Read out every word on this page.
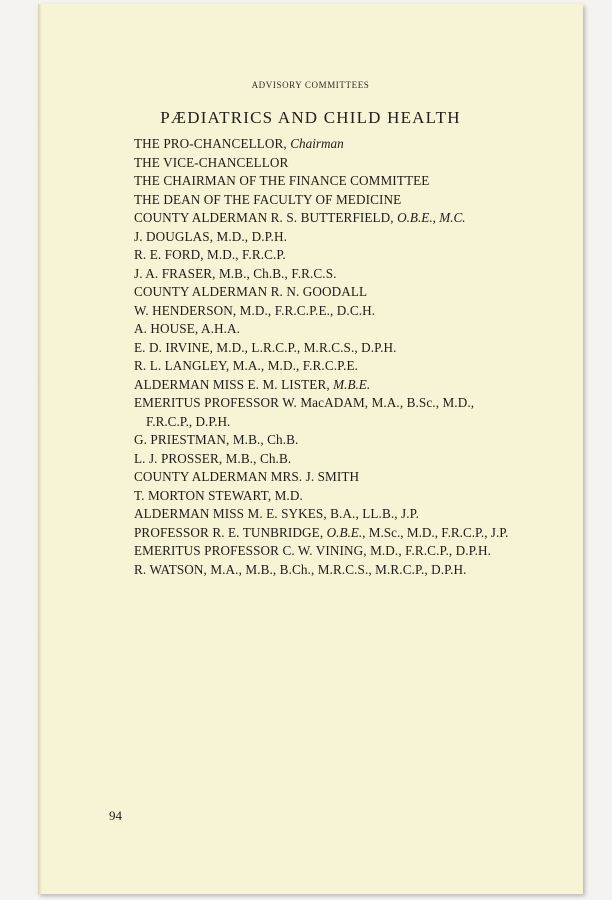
ADVISORY COMMITTEES
PÆDIATRICS AND CHILD HEALTH
THE PRO-CHANCELLOR, Chairman
THE VICE-CHANCELLOR
THE CHAIRMAN OF THE FINANCE COMMITTEE
THE DEAN OF THE FACULTY OF MEDICINE
COUNTY ALDERMAN R. S. BUTTERFIELD, O.B.E., M.C.
J. DOUGLAS, M.D., D.P.H.
R. E. FORD, M.D., F.R.C.P.
J. A. FRASER, M.B., Ch.B., F.R.C.S.
COUNTY ALDERMAN R. N. GOODALL
W. HENDERSON, M.D., F.R.C.P.E., D.C.H.
A. HOUSE, A.H.A.
E. D. IRVINE, M.D., L.R.C.P., M.R.C.S., D.P.H.
R. L. LANGLEY, M.A., M.D., F.R.C.P.E.
ALDERMAN MISS E. M. LISTER, M.B.E.
EMERITUS PROFESSOR W. MacADAM, M.A., B.Sc., M.D.,
F.R.C.P., D.P.H.
G. PRIESTMAN, M.B., Ch.B.
L. J. PROSSER, M.B., Ch.B.
COUNTY ALDERMAN MRS. J. SMITH
T. MORTON STEWART, M.D.
ALDERMAN MISS M. E. SYKES, B.A., LL.B., J.P.
PROFESSOR R. E. TUNBRIDGE, O.B.E., M.Sc., M.D., F.R.C.P., J.P.
EMERITUS PROFESSOR C. W. VINING, M.D., F.R.C.P., D.P.H.
R. WATSON, M.A., M.B., B.Ch., M.R.C.S., M.R.C.P., D.P.H.
94
